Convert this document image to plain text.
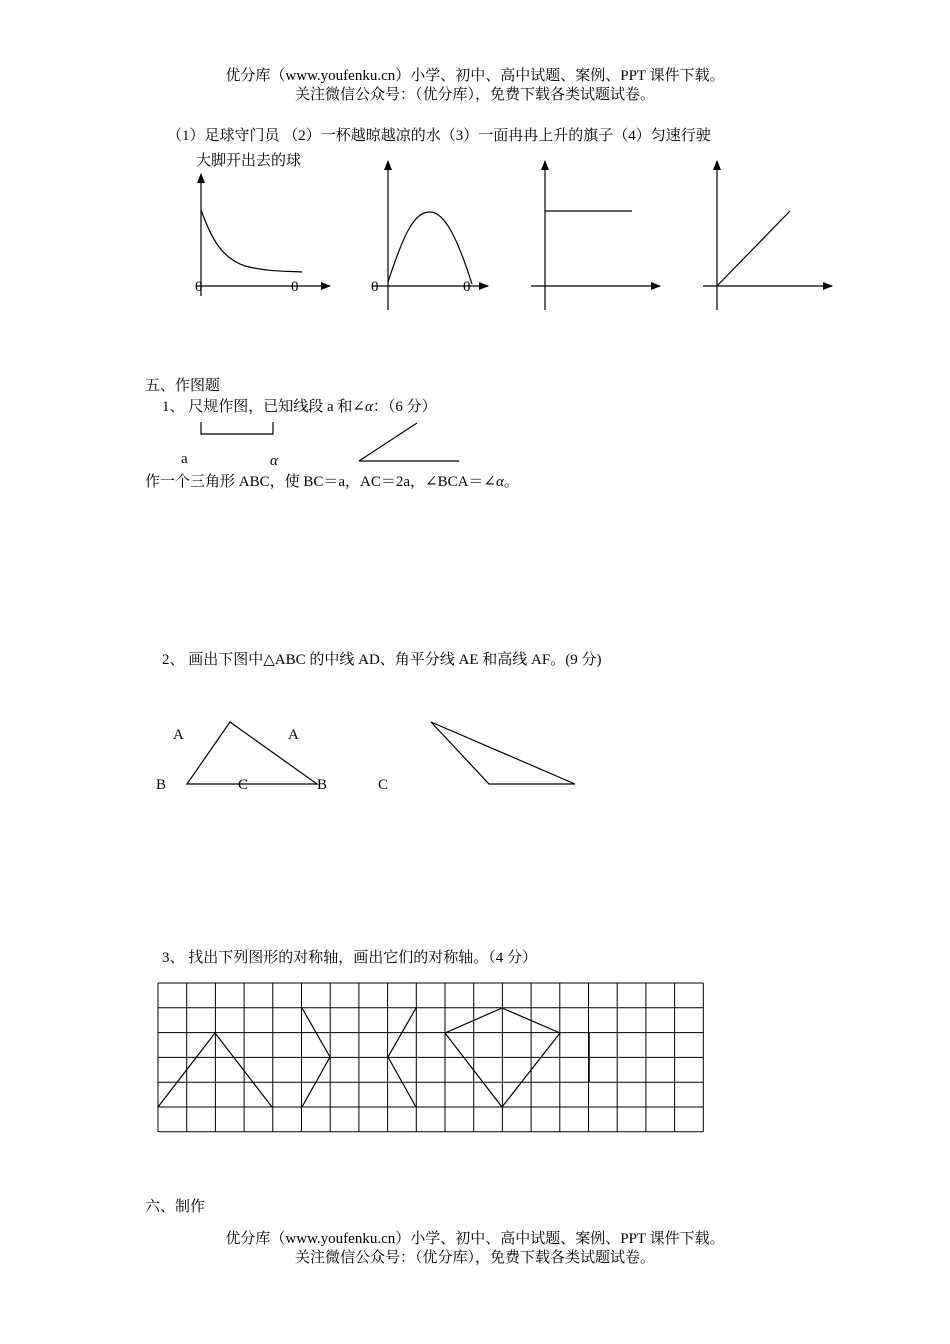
优分库（www.youfenku.cn）小学、初中、高中试题、案例、PPT 课件下载。
关注微信公众号：（优分库），免费下载各类试题试卷。
（1）足球守门员 （2）一杯越晾越凉的水（3）一面冉冉上升的旗子（4）匀速行驶
大脚开出去的球
0	0	0	0
五、作图题
1、 尺规作图，已知线段 a 和∠α：（6 分）
a	α
作一个三角形 ABC，使 BC＝a，AC＝2a，∠BCA＝∠α。
2、 画出下图中△ABC 的中线 AD、角平分线 AE 和高线 AF。(9 分)
A	A
B	C	B	C
3、 找出下列图形的对称轴，画出它们的对称轴。（4 分）
六、制作
优分库（www.youfenku.cn）小学、初中、高中试题、案例、PPT 课件下载。
关注微信公众号：（优分库），免费下载各类试题试卷。
